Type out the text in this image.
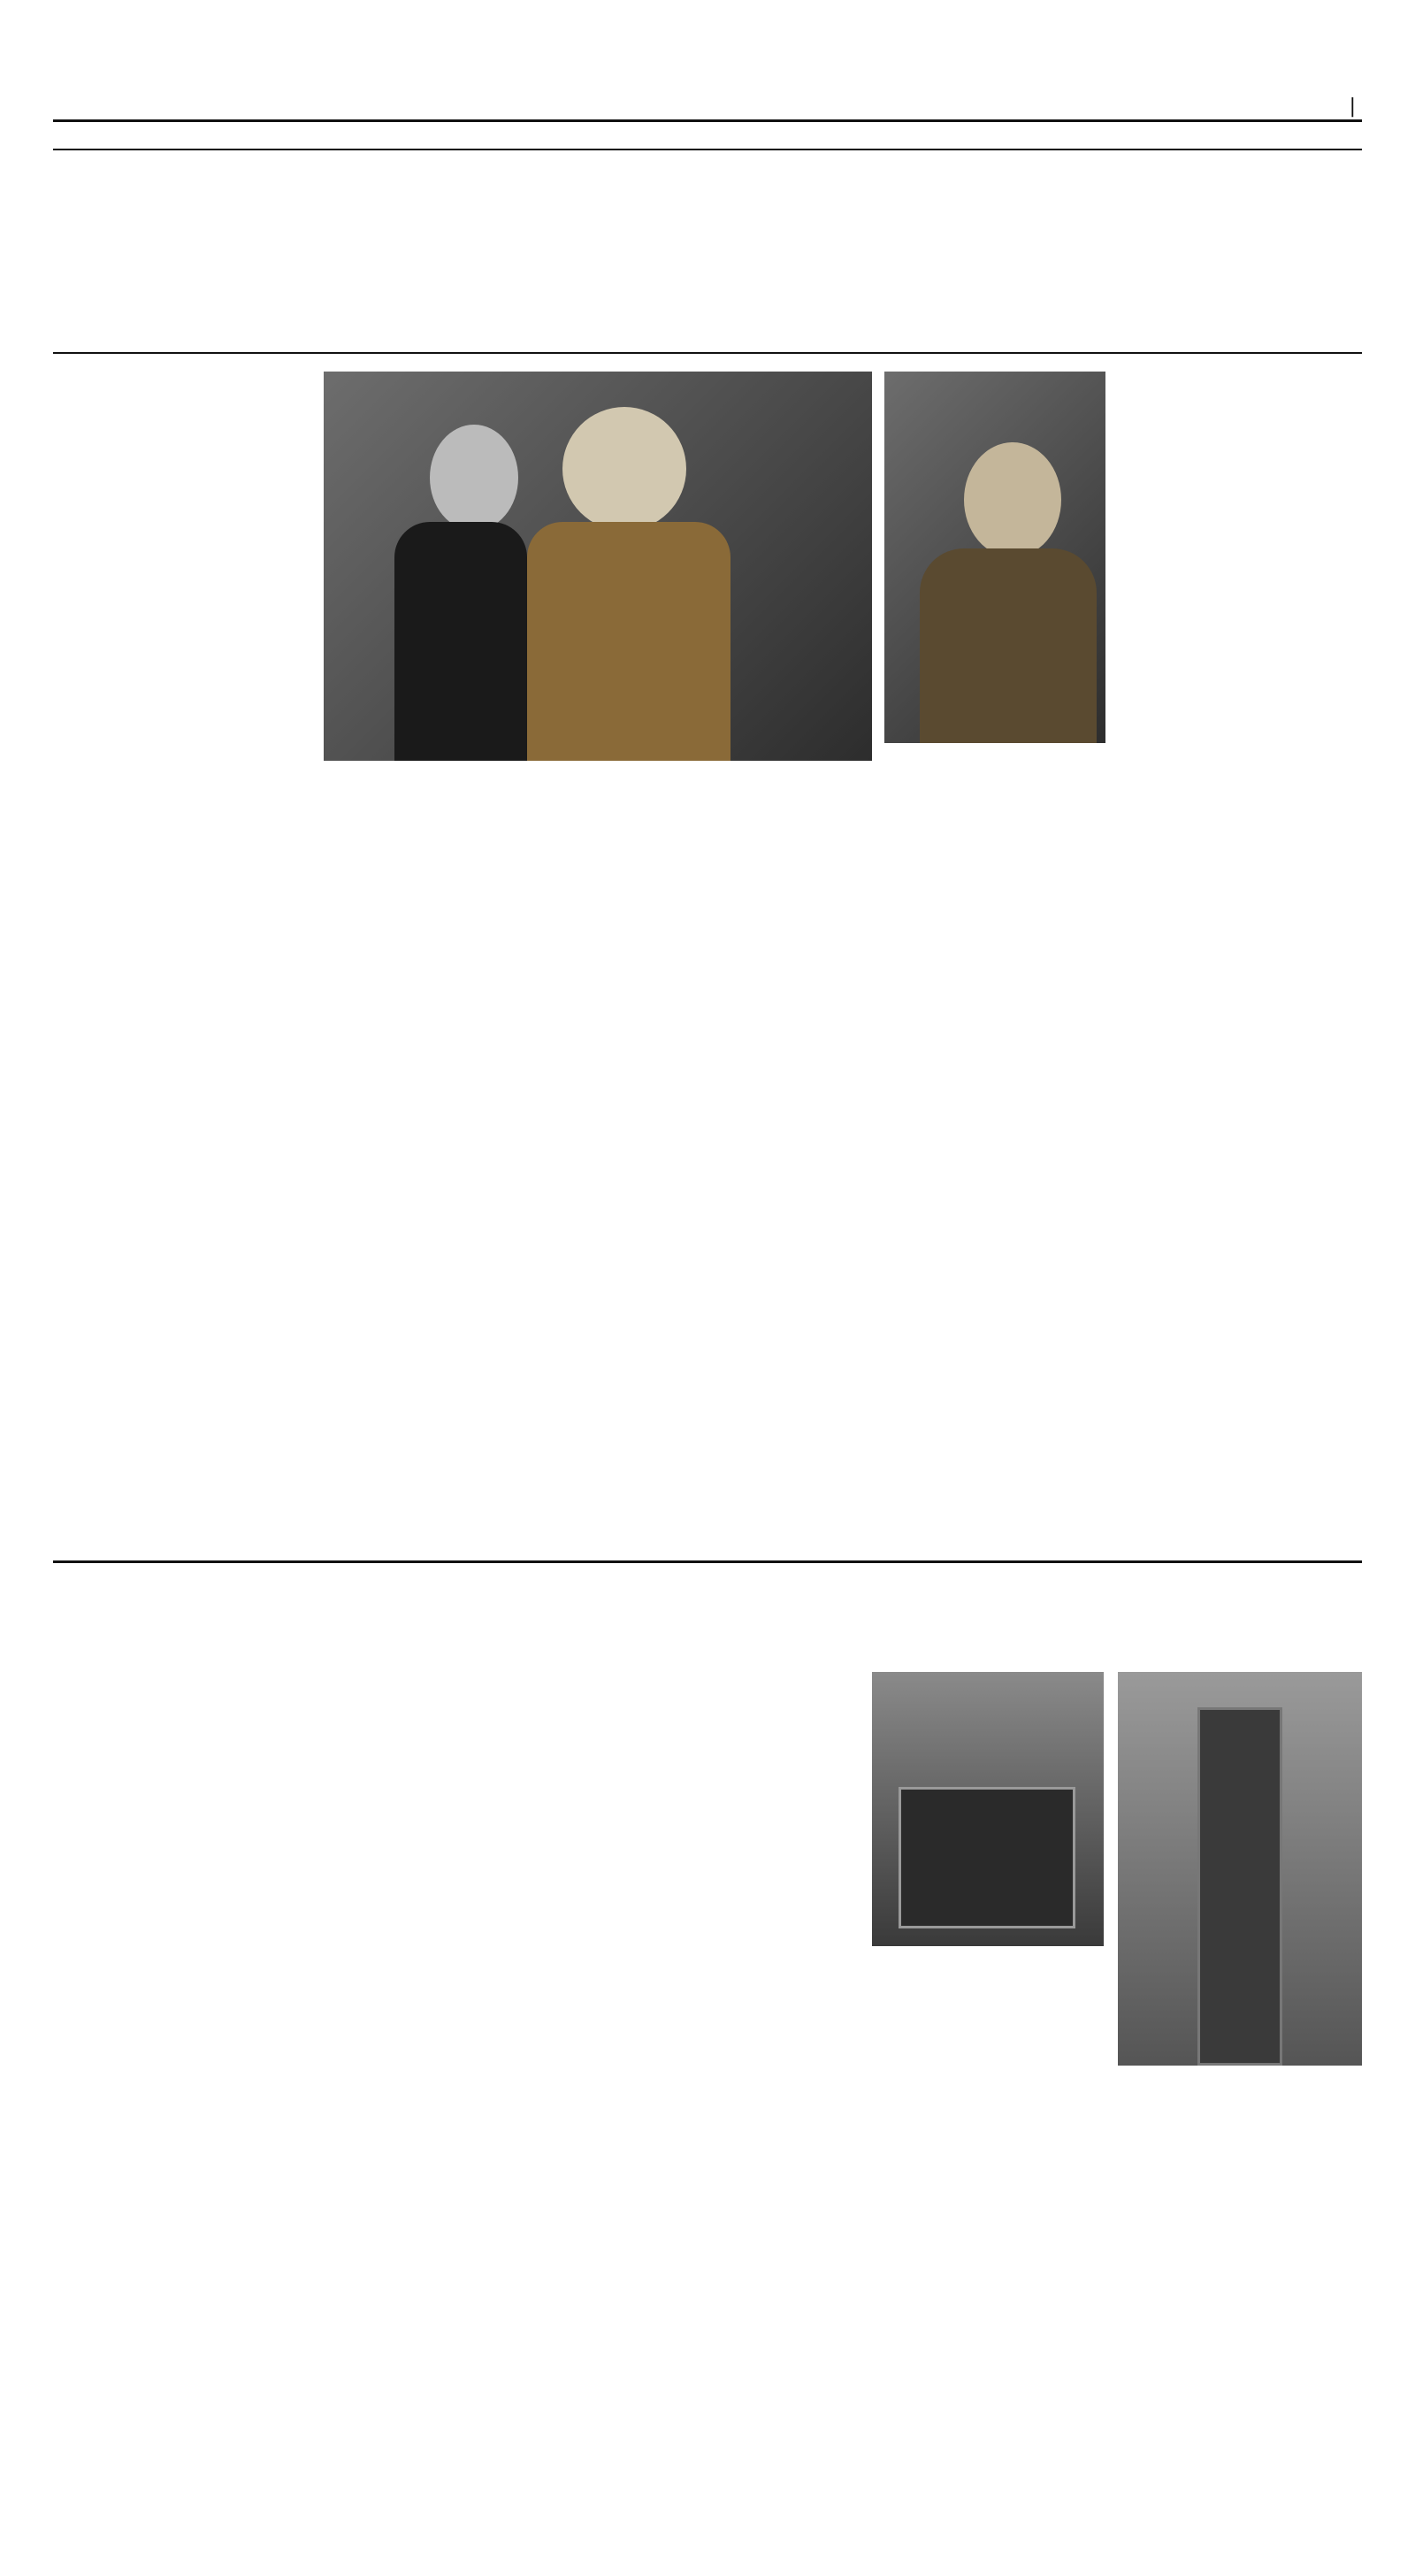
|
